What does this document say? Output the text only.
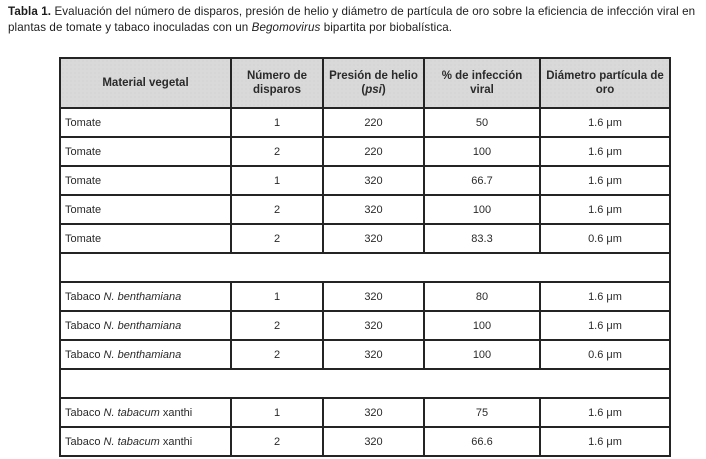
Tabla 1. Evaluación del número de disparos, presión de helio y diámetro de partícula de oro sobre la eficiencia de infección viral en plantas de tomate y tabaco inoculadas con un Begomovirus bipartita por biobalística.
Material vegetal	Número de disparos	Presión de helio (psi)	% de infección viral	Diámetro partícula de oro
Tomate	1	220	50	1.6 μm
Tomate	2	220	100	1.6 μm
Tomate	1	320	66.7	1.6 μm
Tomate	2	320	100	1.6 μm
Tomate	2	320	83.3	0.6 μm

Tabaco N. benthamiana	1	320	80	1.6 μm
Tabaco N. benthamiana	2	320	100	1.6 μm
Tabaco N. benthamiana	2	320	100	0.6 μm

Tabaco N. tabacum xanthi	1	320	75	1.6 μm
Tabaco N. tabacum xanthi	2	320	66.6	1.6 μm
